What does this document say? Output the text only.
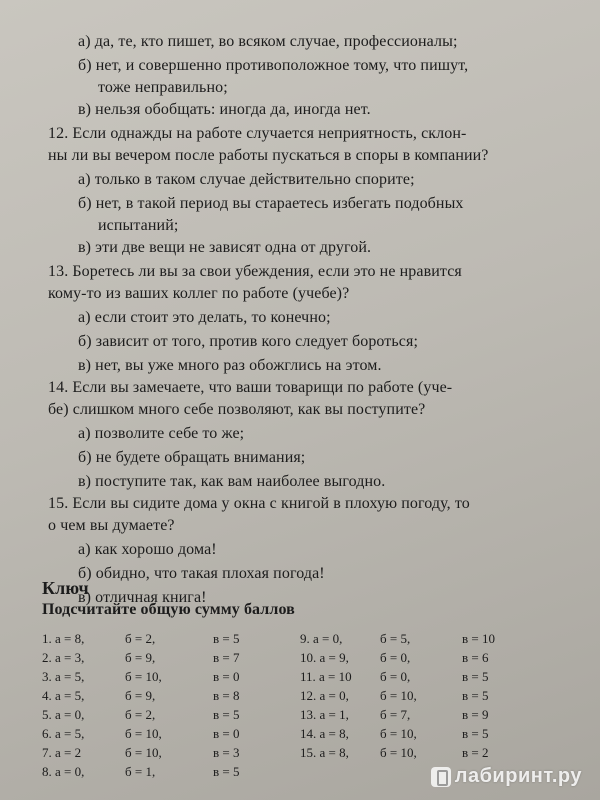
а) да, те, кто пишет, во всяком случае, профессионалы;
б) нет, и совершенно противоположное тому, что пишут,
тоже неправильно;
в) нельзя обобщать: иногда да, иногда нет.
12. Если однажды на работе случается неприятность, склон-
ны ли вы вечером после работы пускаться в споры в компании?
а) только в таком случае действительно спорите;
б) нет, в такой период вы стараетесь избегать подобных
испытаний;
в) эти две вещи не зависят одна от другой.
13. Боретесь ли вы за свои убеждения, если это не нравится
кому-то из ваших коллег по работе (учебе)?
а) если стоит это делать, то конечно;
б) зависит от того, против кого следует бороться;
в) нет, вы уже много раз обожглись на этом.
14. Если вы замечаете, что ваши товарищи по работе (уче-
бе) слишком много себе позволяют, как вы поступите?
а) позволите себе то же;
б) не будете обращать внимания;
в) поступите так, как вам наиболее выгодно.
15. Если вы сидите дома у окна с книгой в плохую погоду, то
о чем вы думаете?
а) как хорошо дома!
б) обидно, что такая плохая погода!
в) отличная книга!
Ключ
Подсчитайте общую сумму баллов
лабиринт.ру
1. а = 8,	б = 2,	в = 5
2. а = 3,	б = 9,	в = 7
3. а = 5,	б = 10,	в = 0
4. а = 5,	б = 9,	в = 8
5. а = 0,	б = 2,	в = 5
6. а = 5,	б = 10,	в = 0
7. а = 2	б = 10,	в = 3
8. а = 0,	б = 1,	в = 5
9. а = 0,	б = 5,	в = 10
10. а = 9, б = 0,	в = 6
11. а = 10 б = 0,	в = 5
12. а = 0, б = 10,	в = 5
13. а = 1, б = 7,	в = 9
14. а = 8, б = 10,	в = 5
15. а = 8, б = 10,	в = 2
